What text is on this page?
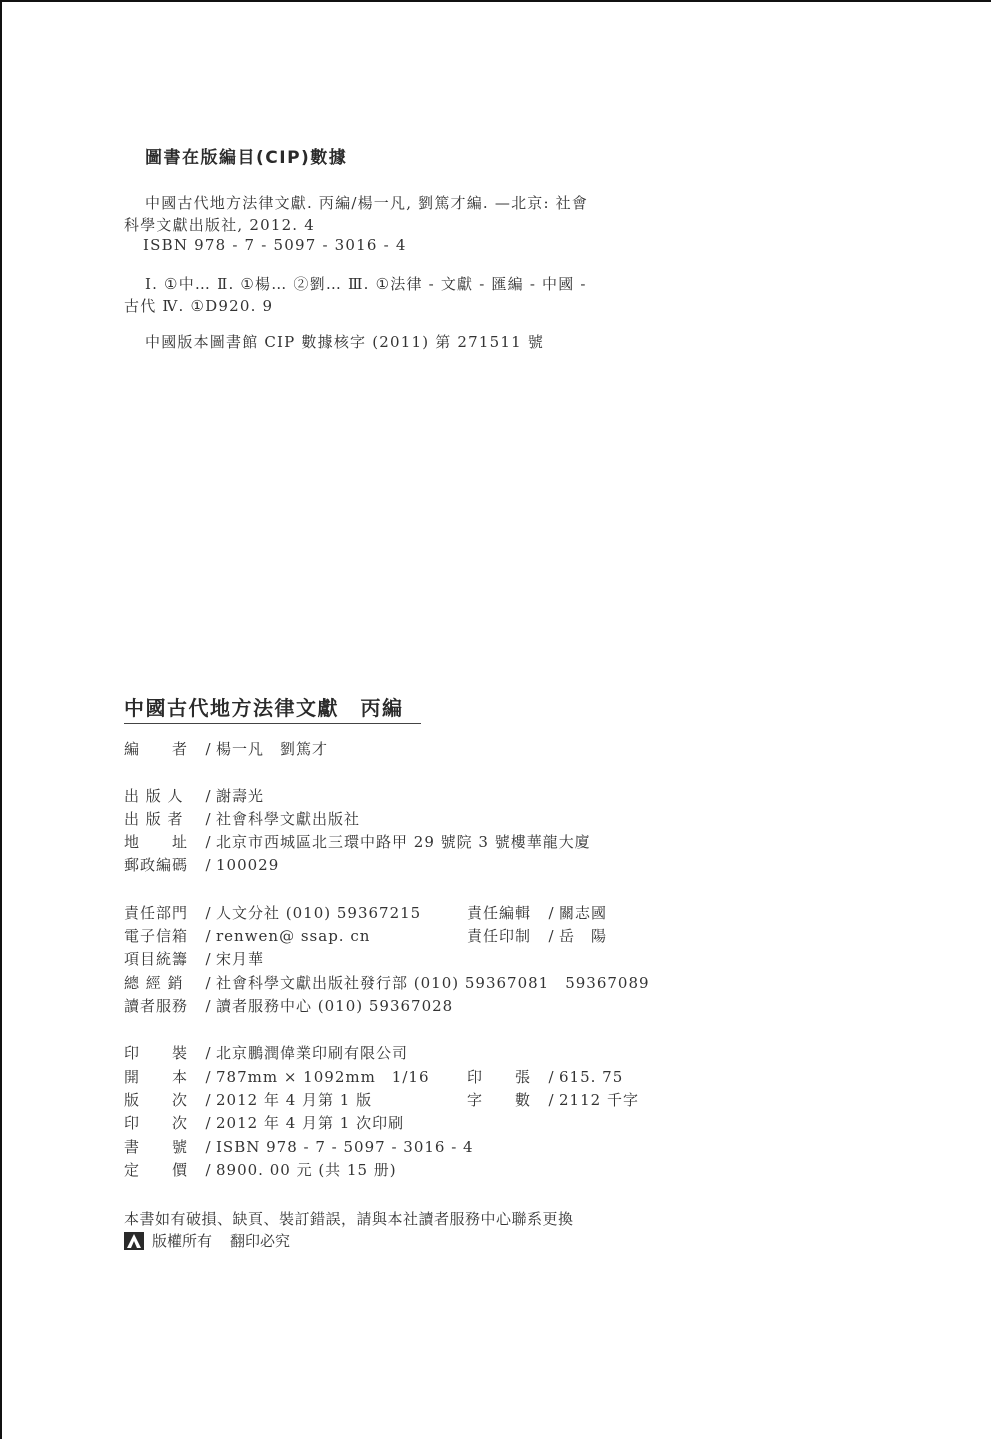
圖書在版編目(CIP)數據
中國古代地方法律文獻. 丙編/楊一凡, 劉篤才編. —北京: 社會
科學文獻出版社, 2012. 4
ISBN 978 - 7 - 5097 - 3016 - 4
Ⅰ. ①中… Ⅱ. ①楊… ②劉… Ⅲ. ①法律 - 文獻 - 匯編 - 中國 -
古代 Ⅳ. ①D920. 9
中國版本圖書館 CIP 數據核字 (2011) 第 271511 號
中國古代地方法律文獻　丙編
編　　者 / 楊一凡　劉篤才
出 版 人 / 謝壽光
出 版 者 / 社會科學文獻出版社
地　　址 / 北京市西城區北三環中路甲 29 號院 3 號樓華龍大廈
郵政編碼 / 100029
責任部門 / 人文分社 (010) 59367215	責任編輯 / 關志國
電子信箱 / renwen@ ssap. cn	責任印制 / 岳　陽
項目統籌 / 宋月華
總 經 銷 / 社會科學文獻出版社發行部 (010) 59367081　59367089
讀者服務 / 讀者服務中心 (010) 59367028
印　　裝 / 北京鵬潤偉業印刷有限公司
開　　本 / 787mm × 1092mm　1/16	印　　張 / 615. 75
版　　次 / 2012 年 4 月第 1 版	字　　數 / 2112 千字
印　　次 / 2012 年 4 月第 1 次印刷
書　　號 / ISBN 978 - 7 - 5097 - 3016 - 4
定　　價 / 8900. 00 元 (共 15 册)
本書如有破損、缺頁、裝訂錯誤，請與本社讀者服務中心聯系更換
版權所有 翻印必究
